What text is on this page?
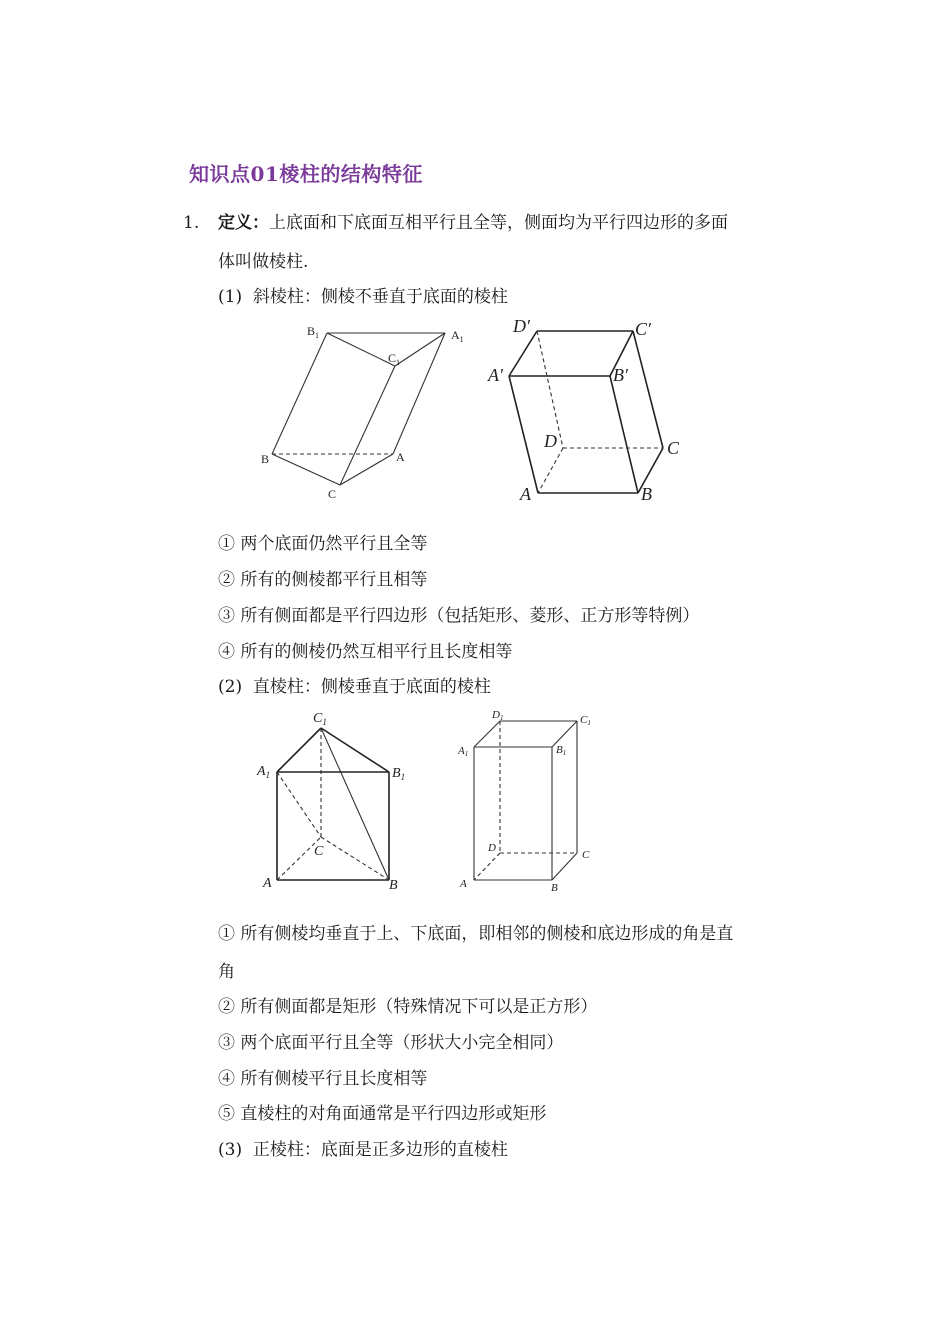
知识点01棱柱的结构特征
1. 定义：上底面和下底面互相平行且全等，侧面均为平行四边形的多面
体叫做棱柱.
(1) 斜棱柱：侧棱不垂直于底面的棱柱
$B_1$
$C_1$
$A_1$
B	A
C
D′	C′
A′	B′
D	C
A	B
① 两个底面仍然平行且全等
② 所有的侧棱都平行且相等
③ 所有侧面都是平行四边形（包括矩形、菱形、正方形等特例）
④ 所有的侧棱仍然互相平行且长度相等
(2) 直棱柱：侧棱垂直于底面的棱柱
$C_1$
$A_1$	$B_1$
C
A	B
D1	C1
A1	B1
D
C
A	B
① 所有侧棱均垂直于上、下底面，即相邻的侧棱和底边形成的角是直
角
② 所有侧面都是矩形（特殊情况下可以是正方形）
③ 两个底面平行且全等（形状大小完全相同）
④ 所有侧棱平行且长度相等
⑤ 直棱柱的对角面通常是平行四边形或矩形
(3) 正棱柱：底面是正多边形的直棱柱
